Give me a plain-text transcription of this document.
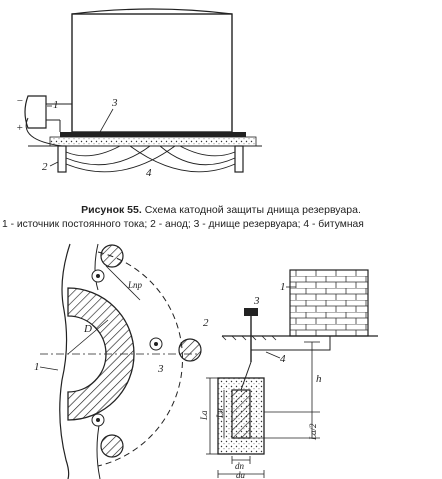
−
+
1	3
2	4
Lпр
D
1
2
3
h
La/2
La Lн
dn
da
3
1
4
Рисунок 55. Схема катодной защиты днища резервуара.
1 - источник постоянного тока; 2 - анод; 3 - днище резервуара; 4 - битумная
